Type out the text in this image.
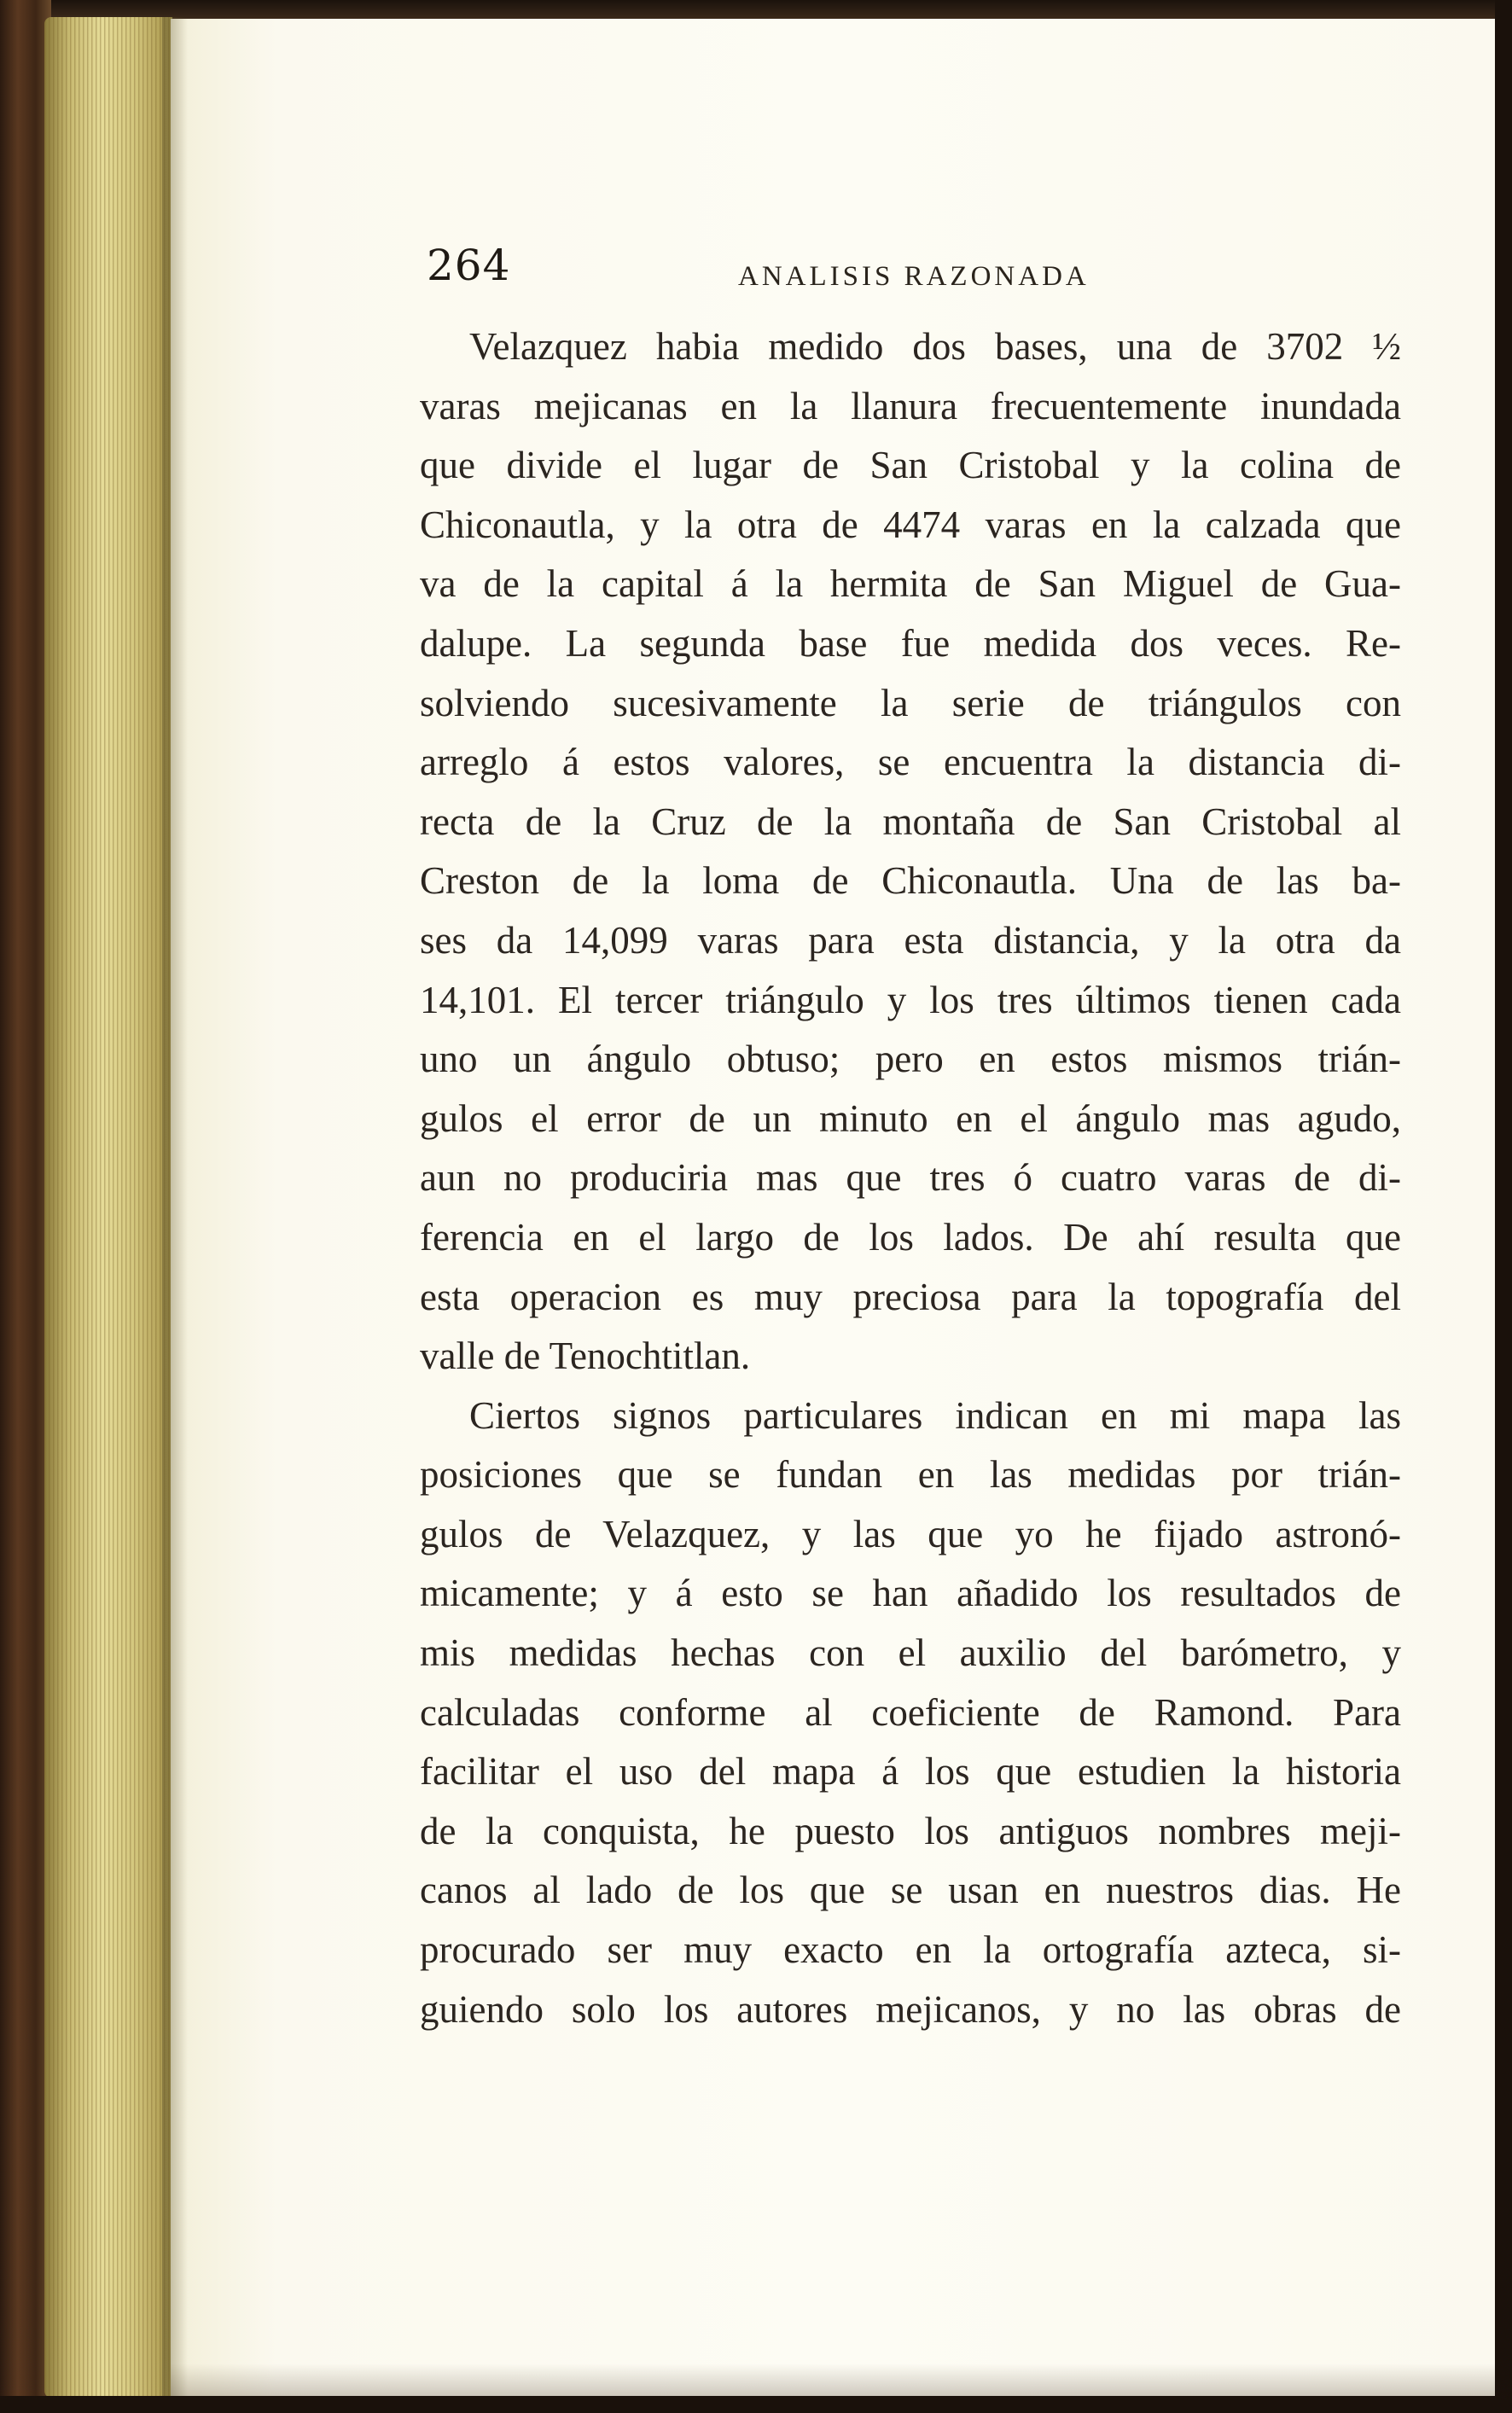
264	ANALISIS RAZONADA
Velazquez habia medido dos bases, una de 3702 ½
varas mejicanas en la llanura frecuentemente inundada
que divide el lugar de San Cristobal y la colina de
Chiconautla, y la otra de 4474 varas en la calzada que
va de la capital á la hermita de San Miguel de Gua-
dalupe. La segunda base fue medida dos veces. Re-
solviendo sucesivamente la serie de triángulos con
arreglo á estos valores, se encuentra la distancia di-
recta de la Cruz de la montaña de San Cristobal al
Creston de la loma de Chiconautla. Una de las ba-
ses da 14,099 varas para esta distancia, y la otra da
14,101. El tercer triángulo y los tres últimos tienen cada
uno un ángulo obtuso; pero en estos mismos trián-
gulos el error de un minuto en el ángulo mas agudo,
aun no produciria mas que tres ó cuatro varas de di-
ferencia en el largo de los lados. De ahí resulta que
esta operacion es muy preciosa para la topografía del
valle de Tenochtitlan.
Ciertos signos particulares indican en mi mapa las
posiciones que se fundan en las medidas por trián-
gulos de Velazquez, y las que yo he fijado astronó-
micamente; y á esto se han añadido los resultados de
mis medidas hechas con el auxilio del barómetro, y
calculadas conforme al coeficiente de Ramond. Para
facilitar el uso del mapa á los que estudien la historia
de la conquista, he puesto los antiguos nombres meji-
canos al lado de los que se usan en nuestros dias. He
procurado ser muy exacto en la ortografía azteca, si-
guiendo solo los autores mejicanos, y no las obras de
